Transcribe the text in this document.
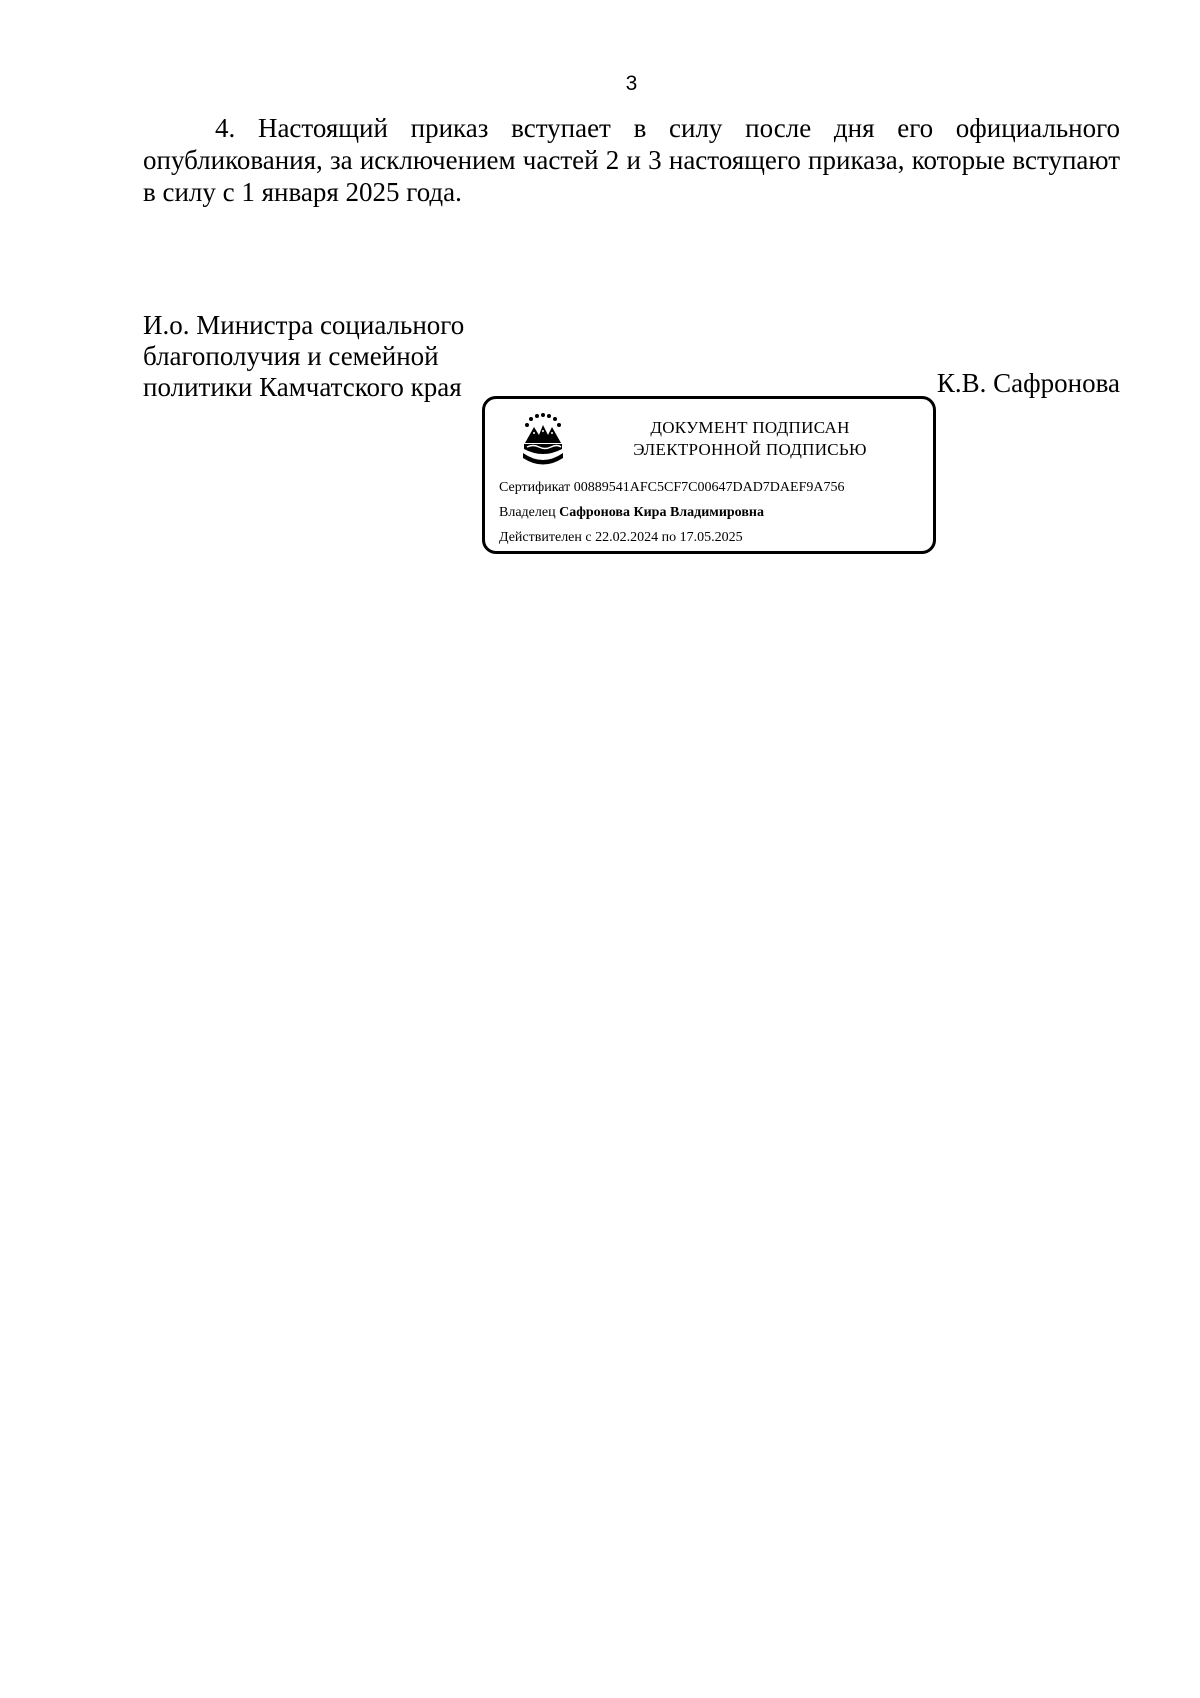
3
4. Настоящий приказ вступает в силу после дня его официального опубликования, за исключением частей 2 и 3 настоящего приказа, которые вступают в силу с 1 января 2025 года.
И.о. Министра социального
благополучия и семейной
политики Камчатского края	К.В. Сафронова
ДОКУМЕНТ ПОДПИСАН
ЭЛЕКТРОННОЙ ПОДПИСЬЮ
Сертификат 00889541AFC5CF7C00647DAD7DAEF9A756
Владелец Сафронова Кира Владимировна
Действителен с 22.02.2024 по 17.05.2025
